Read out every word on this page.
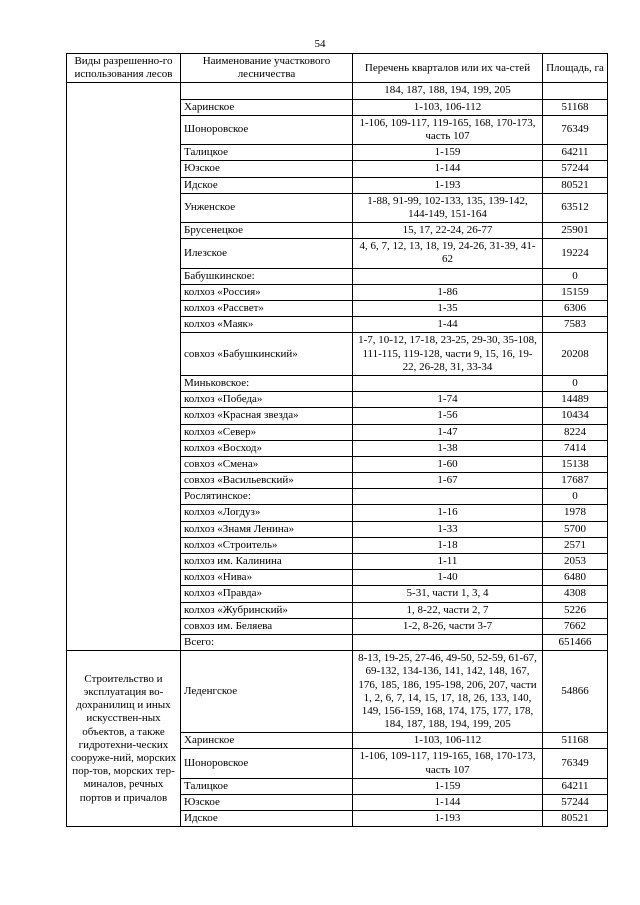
54
Виды разрешенно-го использования лесов	Наименование участкового лесничества	Перечень кварталов или их ча-стей	Площадь, га
		184, 187, 188, 194, 199, 205	
	Харинское	1-103, 106-112	51168
	Шоноровское	1-106, 109-117, 119-165, 168, 170-173, часть 107	76349
	Талицкое	1-159	64211
	Юзское	1-144	57244
	Идское	1-193	80521
	Унженское	1-88, 91-99, 102-133, 135, 139-142, 144-149, 151-164	63512
	Брусенецкое	15, 17, 22-24, 26-77	25901
	Илезское	4, 6, 7, 12, 13, 18, 19, 24-26, 31-39, 41-62	19224
	Бабушкинское:		0
	колхоз «Россия»	1-86	15159
	колхоз «Рассвет»	1-35	6306
	колхоз «Маяк»	1-44	7583
	совхоз «Бабушкинский»	1-7, 10-12, 17-18, 23-25, 29-30, 35-108, 111-115, 119-128, части 9, 15, 16, 19-22, 26-28, 31, 33-34	20208
	Миньковское:		0
	колхоз «Победа»	1-74	14489
	колхоз «Красная звезда»	1-56	10434
	колхоз «Север»	1-47	8224
	колхоз «Восход»	1-38	7414
	совхоз «Смена»	1-60	15138
	совхоз «Васильевский»	1-67	17687
	Рослятинское:		0
	колхоз «Логдуз»	1-16	1978
	колхоз «Знамя Ленина»	1-33	5700
	колхоз «Строитель»	1-18	2571
	колхоз им. Калинина	1-11	2053
	колхоз «Нива»	1-40	6480
	колхоз «Правда»	5-31, части 1, 3, 4	4308
	колхоз «Жубринский»	1, 8-22, части 2, 7	5226
	совхоз им. Беляева	1-2, 8-26, части 3-7	7662
	Всего:		651466
Строительство и эксплуатация во-дохранилищ и иных искусствен-ных объектов, а также гидротехни-ческих сооруже-ний, морских пор-тов, морских тер-миналов, речных портов и причалов	Леденгское	8-13, 19-25, 27-46, 49-50, 52-59, 61-67, 69-132, 134-136, 141, 142, 148, 167, 176, 185, 186, 195-198, 206, 207, части 1, 2, 6, 7, 14, 15, 17, 18, 26, 133, 140, 149, 156-159, 168, 174, 175, 177, 178, 184, 187, 188, 194, 199, 205	54866
	Харинское	1-103, 106-112	51168
	Шоноровское	1-106, 109-117, 119-165, 168, 170-173, часть 107	76349
	Талицкое	1-159	64211
	Юзское	1-144	57244
	Идское	1-193	80521
